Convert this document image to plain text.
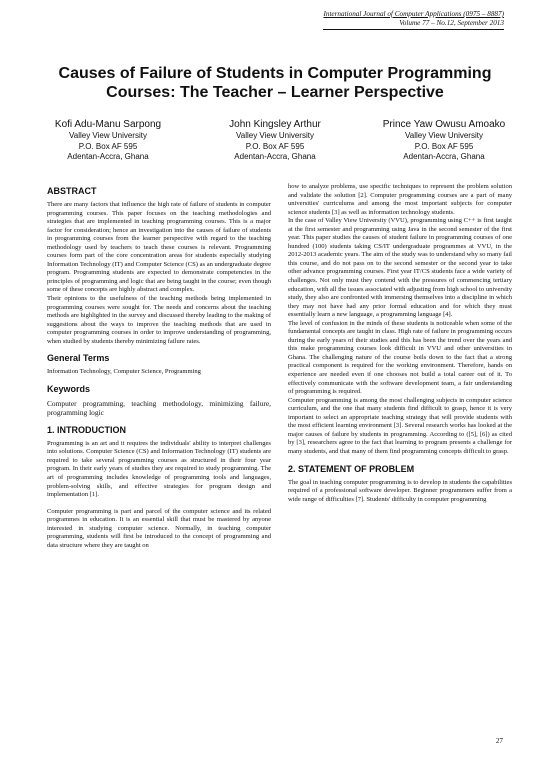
International Journal of Computer Applications (0975 – 8887)
Volume 77 – No.12, September 2013
Causes of Failure of Students in Computer Programming Courses: The Teacher – Learner Perspective
Kofi Adu-Manu Sarpong
Valley View University
P.O. Box AF 595
Adentan-Accra, Ghana
John Kingsley Arthur
Valley View University
P.O. Box AF 595
Adentan-Accra, Ghana
Prince Yaw Owusu Amoako
Valley View University
P.O. Box AF 595
Adentan-Accra, Ghana
ABSTRACT

There are many factors that influence the high rate of failure of students in computer programming courses. This paper focuses on the teaching methodologies and strategies that are implemented in teaching programming courses. This is a major factor for consideration; hence an investigation into the causes of failure of students in programming courses from the learner perspective with regard to the teaching methodology used by teachers to teach these courses is relevant. Programming courses form part of the core concentration areas for students especially studying Information Technology (IT) and Computer Science (CS) as an undergraduate degree program. Programming students are expected to demonstrate competencies in the principles of programming and logic that are being taught in the course; even though some of these concepts are highly abstract and complex.

Their opinions to the usefulness of the teaching methods being implemented in programming courses were sought for. The needs and concerns about the teaching methods are highlighted in the survey and discussed thereby leading to the making of suggestions about the ways to improve the teaching methods that are used in computer programming courses in order to improve understanding of programming, when studied by students thereby minimizing failure rates.

General Terms

Information Technology, Computer Science, Programming

Keywords

Computer programming, teaching methodology, minimizing failure, programming logic

1. INTRODUCTION

Programming is an art and it requires the individuals' ability to interpret challenges into solutions. Computer Science (CS) and Information Technology (IT) students are required to take several programming courses as structured in their four year program. In their early years of studies they are required to study programming. The art of programming includes knowledge of programming tools and languages, problem-solving skills, and effective strategies for program design and implementation [1].

Computer programming is part and parcel of the computer science and its related programmes in education. It is an essential skill that must be mastered by anyone interested in studying computer science. Normally, in teaching computer programming, students will first be introduced to the concept of programming and data structure where they are taught on

how to analyze problems, use specific techniques to represent the problem solution and validate the solution [2]. Computer programming courses are a part of many universities' curriculums and among the most important subjects for computer science students [3] as well as information technology students.

In the case of Valley View University (VVU), programming using C++ is first taught at the first semester and programming using Java in the second semester of the first year. This paper studies the causes of student failure in programming courses of one hundred (100) students taking CS/IT undergraduate programmes at VVU, in the 2012-2013 academic years. The aim of the study was to understand why so many fail this course, and do not pass on to the second semester or the second year to take other advance programming courses. First year IT/CS students face a wide variety of challenges. Not only must they contend with the pressures of commencing tertiary education, with all the issues associated with adjusting from high school to university study, they also are confronted with immersing themselves into a discipline in which they may not have had any prior formal education and for which they must essentially learn a new language, a programming language [4].

The level of confusion in the minds of these students is noticeable when some of the fundamental concepts are taught in class. High rate of failure in programming occurs during the early years of their studies and this has been the trend over the years and this make programming courses look difficult in VVU and other universities in Ghana. The challenging nature of the course boils down to the fact that a strong practical component is required for the working environment. Therefore, hands on experience are needed even if one chooses not build a total career out of it. To effectively communicate with the software development team, a fair understanding of programming is required.

Computer programming is among the most challenging subjects in computer science curriculum, and the one that many students find difficult to grasp, hence it is very important to select an appropriate teaching strategy that will provide students with the most efficient learning environment [3]. Several research works has looked at the major causes of failure by students in programming. According to ([5], [6]) as cited by [3], researchers agree to the fact that learning to program presents a challenge for many students, and that many of them find programming concepts difficult to grasp.

2. STATEMENT OF PROBLEM

The goal in teaching computer programming is to develop in students the capabilities required of a professional software developer. Beginner programmers suffer from a wide range of difficulties [7]. Students' difficulty in computer programming

27
